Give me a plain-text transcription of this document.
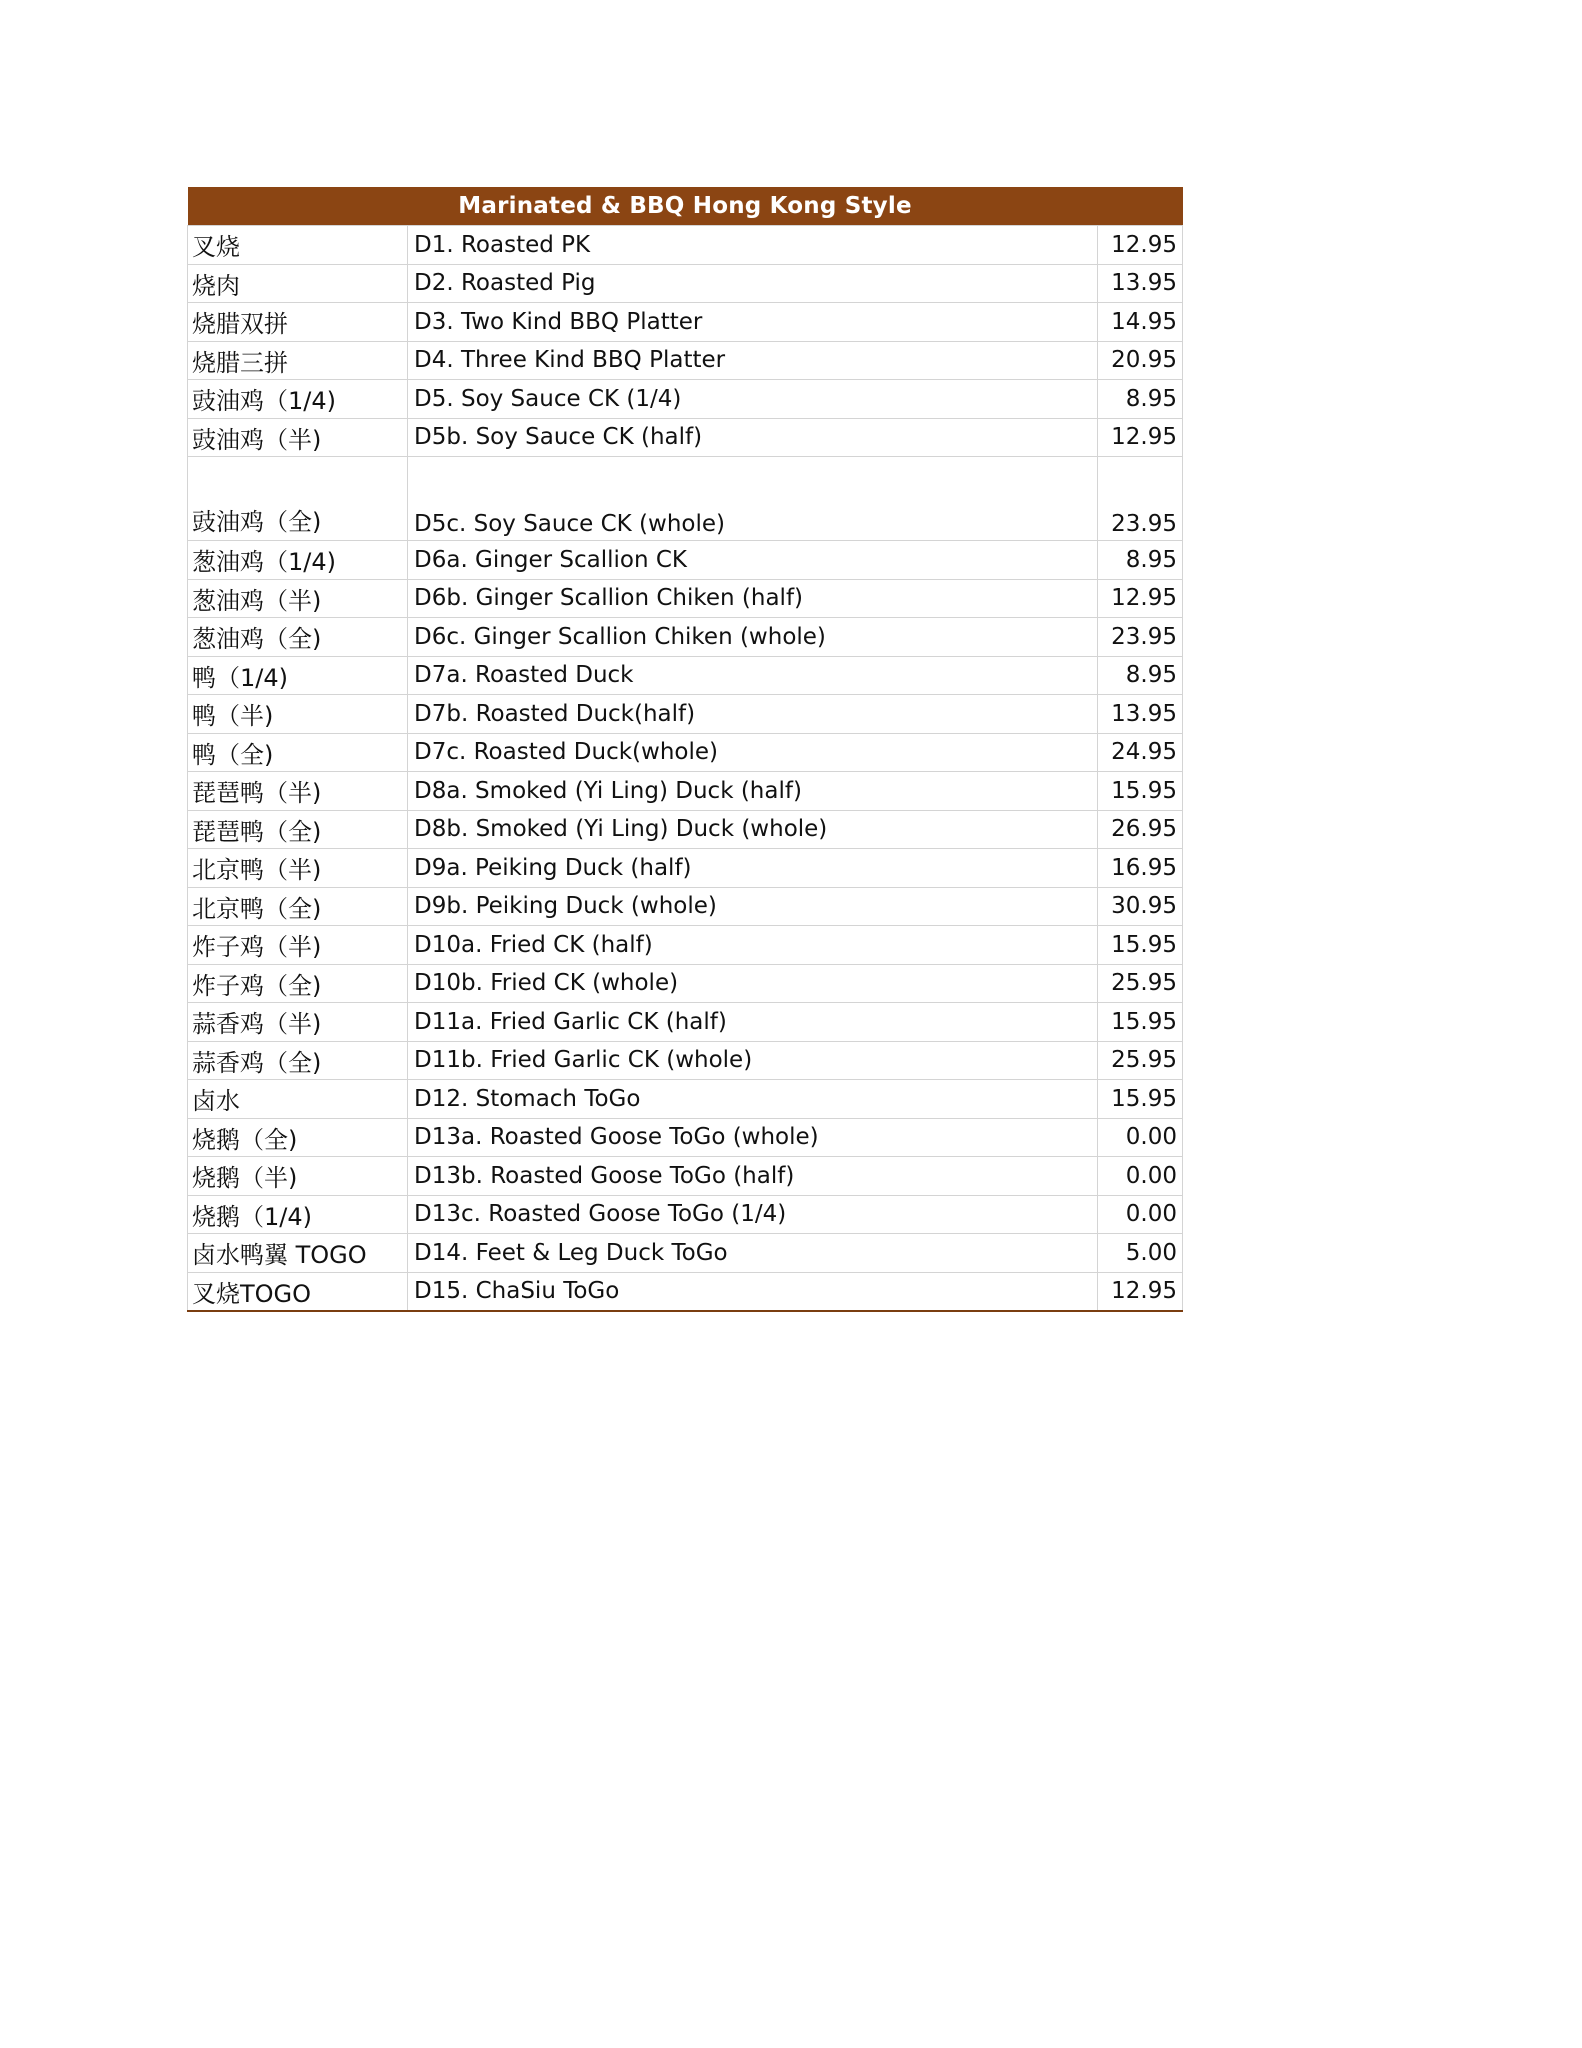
Marinated & BBQ Hong Kong Style		
叉烧	D1. Roasted PK	12.95
烧肉	D2. Roasted Pig	13.95
烧腊双拼	D3. Two Kind BBQ Platter	14.95
烧腊三拼	D4. Three Kind BBQ Platter	20.95
豉油鸡（1/4)	D5. Soy Sauce CK (1/4)	8.95
豉油鸡（半)	D5b. Soy Sauce CK (half)	12.95
豉油鸡（全)	D5c. Soy Sauce CK (whole)	23.95
葱油鸡（1/4)	D6a. Ginger Scallion CK	8.95
葱油鸡（半)	D6b. Ginger Scallion Chiken (half)	12.95
葱油鸡（全)	D6c. Ginger Scallion Chiken (whole)	23.95
鸭（1/4)	D7a. Roasted Duck	8.95
鸭（半)	D7b. Roasted Duck(half)	13.95
鸭（全)	D7c. Roasted Duck(whole)	24.95
琵琶鸭（半)	D8a. Smoked (Yi Ling) Duck (half)	15.95
琵琶鸭（全)	D8b. Smoked (Yi Ling) Duck (whole)	26.95
北京鸭（半)	D9a. Peiking Duck (half)	16.95
北京鸭（全)	D9b. Peiking Duck (whole)	30.95
炸子鸡（半)	D10a. Fried CK (half)	15.95
炸子鸡（全)	D10b. Fried CK (whole)	25.95
蒜香鸡（半)	D11a. Fried Garlic CK (half)	15.95
蒜香鸡（全)	D11b. Fried Garlic CK (whole)	25.95
卤水	D12. Stomach ToGo	15.95
烧鹅（全)	D13a. Roasted Goose ToGo (whole)	0.00
烧鹅（半)	D13b. Roasted Goose ToGo (half)	0.00
烧鹅（1/4)	D13c. Roasted Goose ToGo (1/4)	0.00
卤水鸭翼 TOGO	D14. Feet & Leg Duck ToGo	5.00
叉烧TOGO	D15. ChaSiu ToGo	12.95
